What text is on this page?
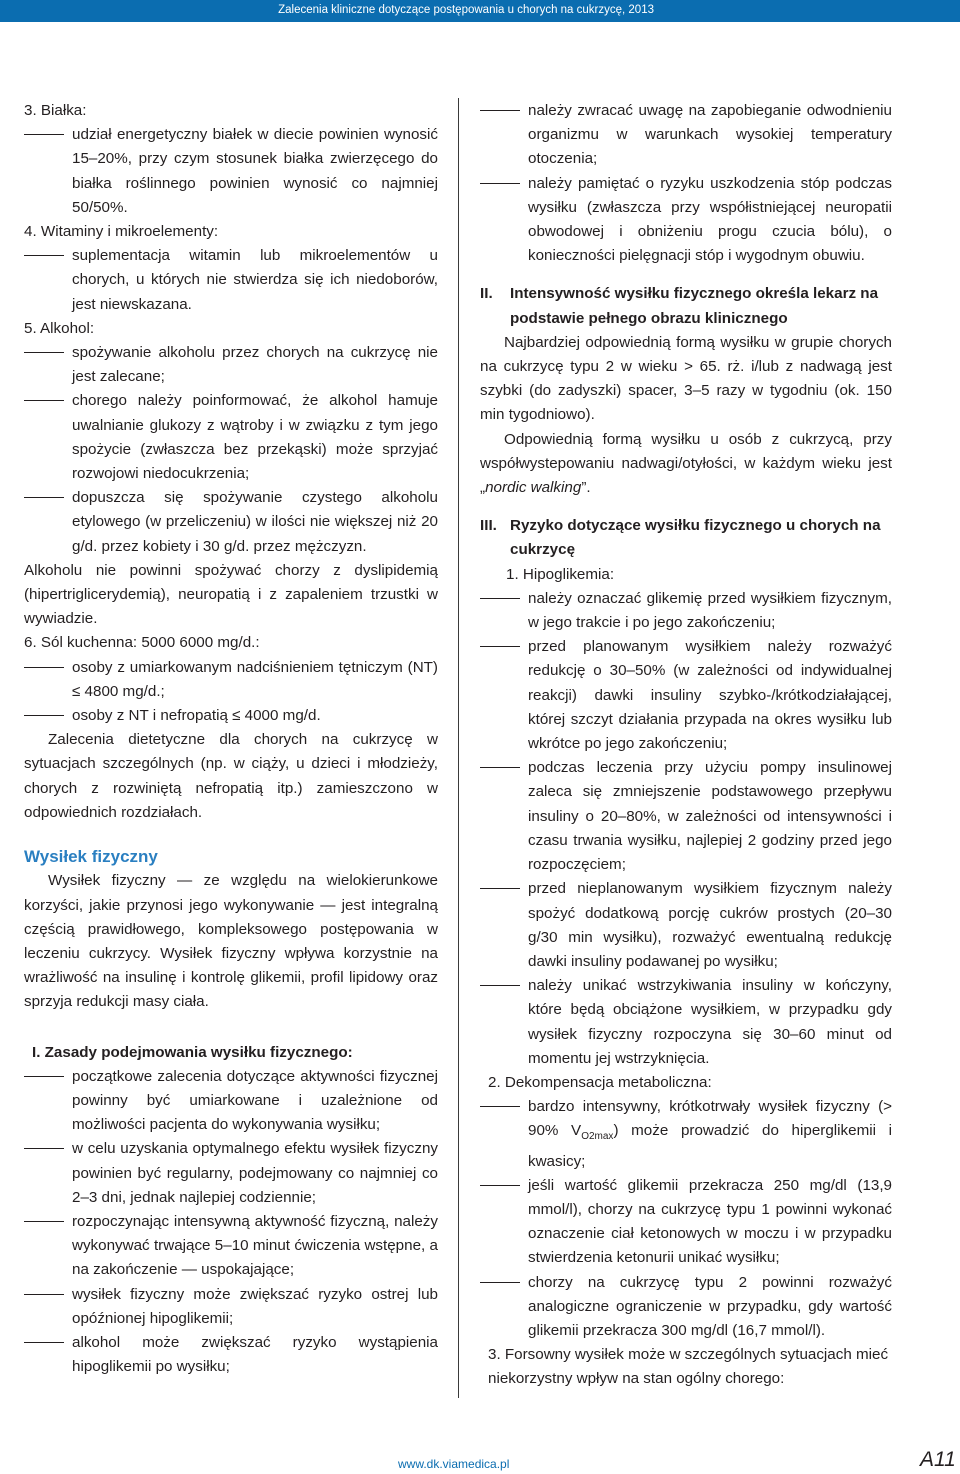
Zalecenia kliniczne dotyczące postępowania u chorych na cukrzycę, 2013

3. Białka:

udział energetyczny białek w diecie powinien wynosić 15–20%, przy czym stosunek białka zwierzęcego do białka roślinnego powinien wynosić co najmniej 50/50%.

4. Witaminy i mikroelementy:

suplementacja witamin lub mikroelementów u chorych, u których nie stwierdza się ich niedoborów, jest niewskazana.

5. Alkohol:

spożywanie alkoholu przez chorych na cukrzycę nie jest zalecane;
chorego należy poinformować, że alkohol hamuje uwalnianie glukozy z wątroby i w związku z tym jego spożycie (zwłaszcza bez przekąski) może sprzyjać rozwojowi niedocukrzenia;
dopuszcza się spożywanie czystego alkoholu etylowego (w przeliczeniu) w ilości nie większej niż 20 g/d. przez kobiety i 30 g/d. przez mężczyzn.

Alkoholu nie powinni spożywać chorzy z dyslipidemią (hipertriglicerydemią), neuropatią i z zapaleniem trzustki w wywiadzie.

6. Sól kuchenna: 5000 6000 mg/d.:

osoby z umiarkowanym nadciśnieniem tętniczym (NT) ≤ 4800 mg/d.;
osoby z NT i nefropatią ≤ 4000 mg/d.

Zalecenia dietetyczne dla chorych na cukrzycę w sytuacjach szczególnych (np. w ciąży, u dzieci i młodzieży, chorych z rozwiniętą nefropatią itp.) zamieszczono w odpowiednich rozdziałach.

Wysiłek fizyczny

Wysiłek fizyczny — ze względu na wielokierunkowe korzyści, jakie przynosi jego wykonywanie — jest integralną częścią prawidłowego, kompleksowego postępowania w leczeniu cukrzycy. Wysiłek fizyczny wpływa korzystnie na wrażliwość na insulinę i kontrolę glikemii, profil lipidowy oraz sprzyja redukcji masy ciała.

I. Zasady podejmowania wysiłku fizycznego:

początkowe zalecenia dotyczące aktywności fizycznej powinny być umiarkowane i uzależnione od możliwości pacjenta do wykonywania wysiłku;
w celu uzyskania optymalnego efektu wysiłek fizyczny powinien być regularny, podejmowany co najmniej co 2–3 dni, jednak najlepiej codziennie;
rozpoczynając intensywną aktywność fizyczną, należy wykonywać trwające 5–10 minut ćwiczenia wstępne, a na zakończenie — uspokajające;
wysiłek fizyczny może zwiększać ryzyko ostrej lub opóźnionej hipoglikemii;
alkohol może zwiększać ryzyko wystąpienia hipoglikemii po wysiłku;
należy zwracać uwagę na zapobieganie odwodnieniu organizmu w warunkach wysokiej temperatury otoczenia;
należy pamiętać o ryzyku uszkodzenia stóp podczas wysiłku (zwłaszcza przy współistniejącej neuropatii obwodowej i obniżeniu progu czucia bólu), o konieczności pielęgnacji stóp i wygodnym obuwiu.
II. Intensywność wysiłku fizycznego określa lekarz na podstawie pełnego obrazu klinicznego

Najbardziej odpowiednią formą wysiłku w grupie chorych na cukrzycę typu 2 w wieku > 65. rż. i/lub z nadwagą jest szybki (do zadyszki) spacer, 3–5 razy w tygodniu (ok. 150 min tygodniowo).

Odpowiednią formą wysiłku u osób z cukrzycą, przy współwystepowaniu nadwagi/otyłości, w każdym wieku jest „nordic walking”.

III. Ryzyko dotyczące wysiłku fizycznego u chorych na cukrzycę

1. Hipoglikemia:

należy oznaczać glikemię przed wysiłkiem fizycznym, w jego trakcie i po jego zakończeniu;
przed planowanym wysiłkiem należy rozważyć redukcję o 30–50% (w zależności od indywidualnej reakcji) dawki insuliny szybko-/krótkodziałającej, której szczyt działania przypada na okres wysiłku lub wkrótce po jego zakończeniu;
podczas leczenia przy użyciu pompy insulinowej zaleca się zmniejszenie podstawowego przepływu insuliny o 20–80%, w zależności od intensywności i czasu trwania wysiłku, najlepiej 2 godziny przed jego rozpoczęciem;
przed nieplanowanym wysiłkiem fizycznym należy spożyć dodatkową porcję cukrów prostych (20–30 g/30 min wysiłku), rozważyć ewentualną redukcję dawki insuliny podawanej po wysiłku;
należy unikać wstrzykiwania insuliny w kończyny, które będą obciążone wysiłkiem, w przypadku gdy wysiłek fizyczny rozpoczyna się 30–60 minut od momentu jej wstrzyknięcia.

2. Dekompensacja metaboliczna:

bardzo intensywny, krótkotrwały wysiłek fizyczny (> 90% $V_{O2max}$) może prowadzić do hiperglikemii i kwasicy;
jeśli wartość glikemii przekracza 250 mg/dl (13,9 mmol/l), chorzy na cukrzycę typu 1 powinni wykonać oznaczenie ciał ketonowych w moczu i w przypadku stwierdzenia ketonurii unikać wysiłku;
chorzy na cukrzycę typu 2 powinni rozważyć analogiczne ograniczenie w przypadku, gdy wartość glikemii przekracza 300 mg/dl (16,7 mmol/l).

3. Forsowny wysiłek może w szczególnych sytuacjach mieć niekorzystny wpływ na stan ogólny chorego:

www.dk.viamedica.pl	A11
